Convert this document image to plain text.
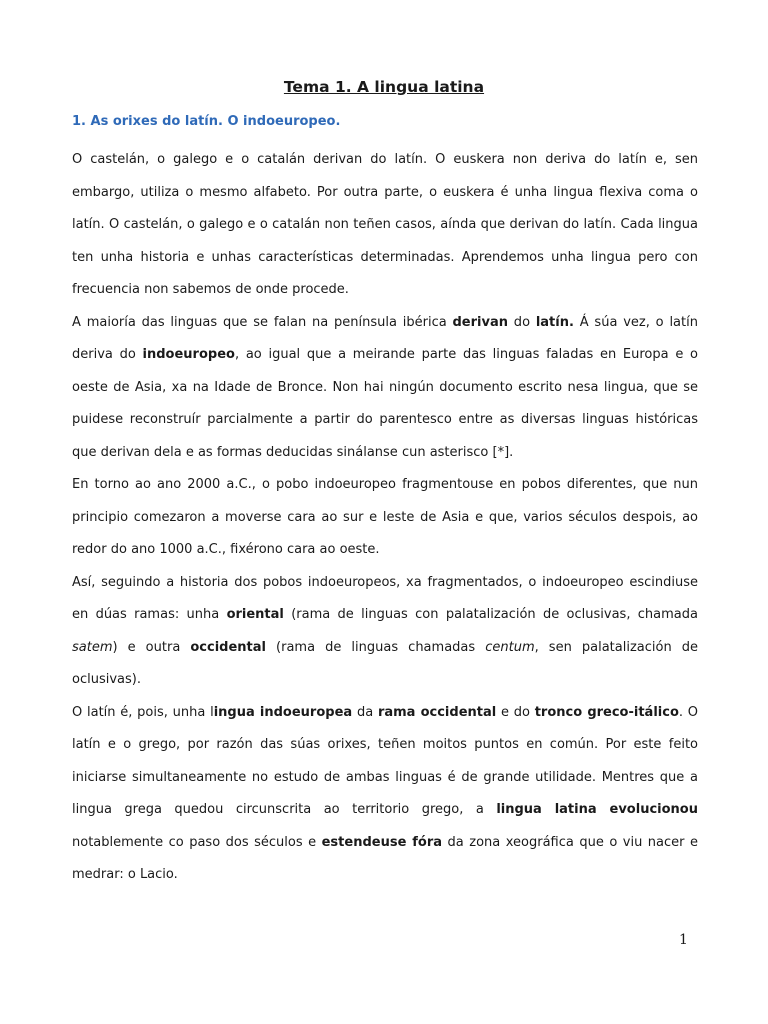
Tema 1. A lingua latina
1. As orixes do latín. O indoeuropeo.

O castelán, o galego e o catalán derivan do latín. O euskera non deriva do latín e, sen embargo, utiliza o mesmo alfabeto. Por outra parte, o euskera é unha lingua flexiva coma o latín. O castelán, o galego e o catalán non teñen casos, aínda que derivan do latín. Cada lingua ten unha historia e unhas características determinadas. Aprendemos unha lingua pero con frecuencia non sabemos de onde procede.

A maioría das linguas que se falan na península ibérica derivan do latín. Á súa vez, o latín deriva do indoeuropeo, ao igual que a meirande parte das linguas faladas en Europa e o oeste de Asia, xa na Idade de Bronce. Non hai ningún documento escrito nesa lingua, que se puidese reconstruír parcialmente a partir do parentesco entre as diversas linguas históricas que derivan dela e as formas deducidas sinálanse cun asterisco [*].

En torno ao ano 2000 a.C., o pobo indoeuropeo fragmentouse en pobos diferentes, que nun principio comezaron a moverse cara ao sur e leste de Asia e que, varios séculos despois, ao redor do ano 1000 a.C., fixérono cara ao oeste.

Así, seguindo a historia dos pobos indoeuropeos, xa fragmentados, o indoeuropeo escindiuse en dúas ramas: unha oriental (rama de linguas con palatalización de oclusivas, chamada satem) e outra occidental (rama de linguas chamadas centum, sen palatalización de oclusivas).

O latín é, pois, unha lingua indoeuropea da rama occidental e do tronco greco-itálico. O latín e o grego, por razón das súas orixes, teñen moitos puntos en común. Por este feito iniciarse simultaneamente no estudo de ambas linguas é de grande utilidade. Mentres que a lingua grega quedou circunscrita ao territorio grego, a lingua latina evolucionou notablemente co paso dos séculos e estendeuse fóra da zona xeográfica que o viu nacer e medrar: o Lacio.

1
